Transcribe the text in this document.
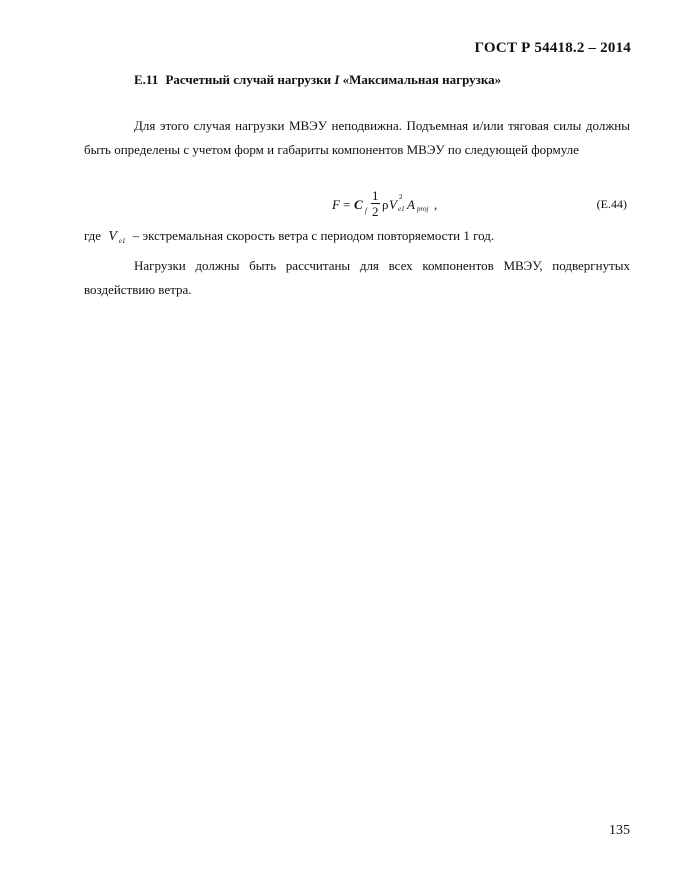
ГОСТ Р 54418.2 – 2014
E.11 Расчетный случай нагрузки I «Максимальная нагрузка»

Для этого случая нагрузки МВЭУ неподвижна. Подъемная и/или тяговая силы должны быть определены с учетом форм и габариты компонентов МВЭУ по следующей формуле

F = C f
1
2 ρ V 2
e1 A proj ,	(E.44)
где V $_{e1}$ – экстремальная скорость ветра с периодом повторяемости 1 год.

Нагрузки должны быть рассчитаны для всех компонентов МВЭУ, подвергнутых воздействию ветра.

135
